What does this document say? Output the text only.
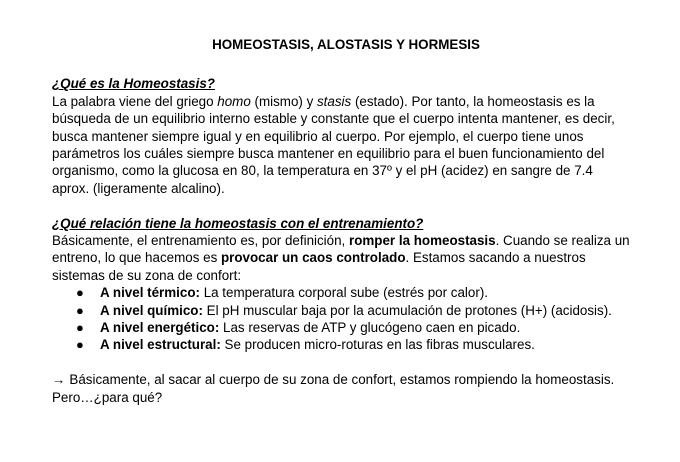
HOMEOSTASIS, ALOSTASIS Y HORMESIS

¿Qué es la Homeostasis?

La palabra viene del griego homo (mismo) y stasis (estado). Por tanto, la homeostasis es la búsqueda de un equilibrio interno estable y constante que el cuerpo intenta mantener, es decir, busca mantener siempre igual y en equilibrio al cuerpo. Por ejemplo, el cuerpo tiene unos parámetros los cuáles siempre busca mantener en equilibrio para el buen funcionamiento del organismo, como la glucosa en 80, la temperatura en 37º y el pH (acidez) en sangre de 7.4 aprox. (ligeramente alcalino).

¿Qué relación tiene la homeostasis con el entrenamiento?

Básicamente, el entrenamiento es, por definición, romper la homeostasis. Cuando se realiza un entreno, lo que hacemos es provocar un caos controlado. Estamos sacando a nuestros sistemas de su zona de confort:

● A nivel térmico: La temperatura corporal sube (estrés por calor).
● A nivel químico: El pH muscular baja por la acumulación de protones (H+) (acidosis).
● A nivel energético: Las reservas de ATP y glucógeno caen en picado.
● A nivel estructural: Se producen micro-roturas en las fibras musculares.

→ Básicamente, al sacar al cuerpo de su zona de confort, estamos rompiendo la homeostasis. Pero…¿para qué?
